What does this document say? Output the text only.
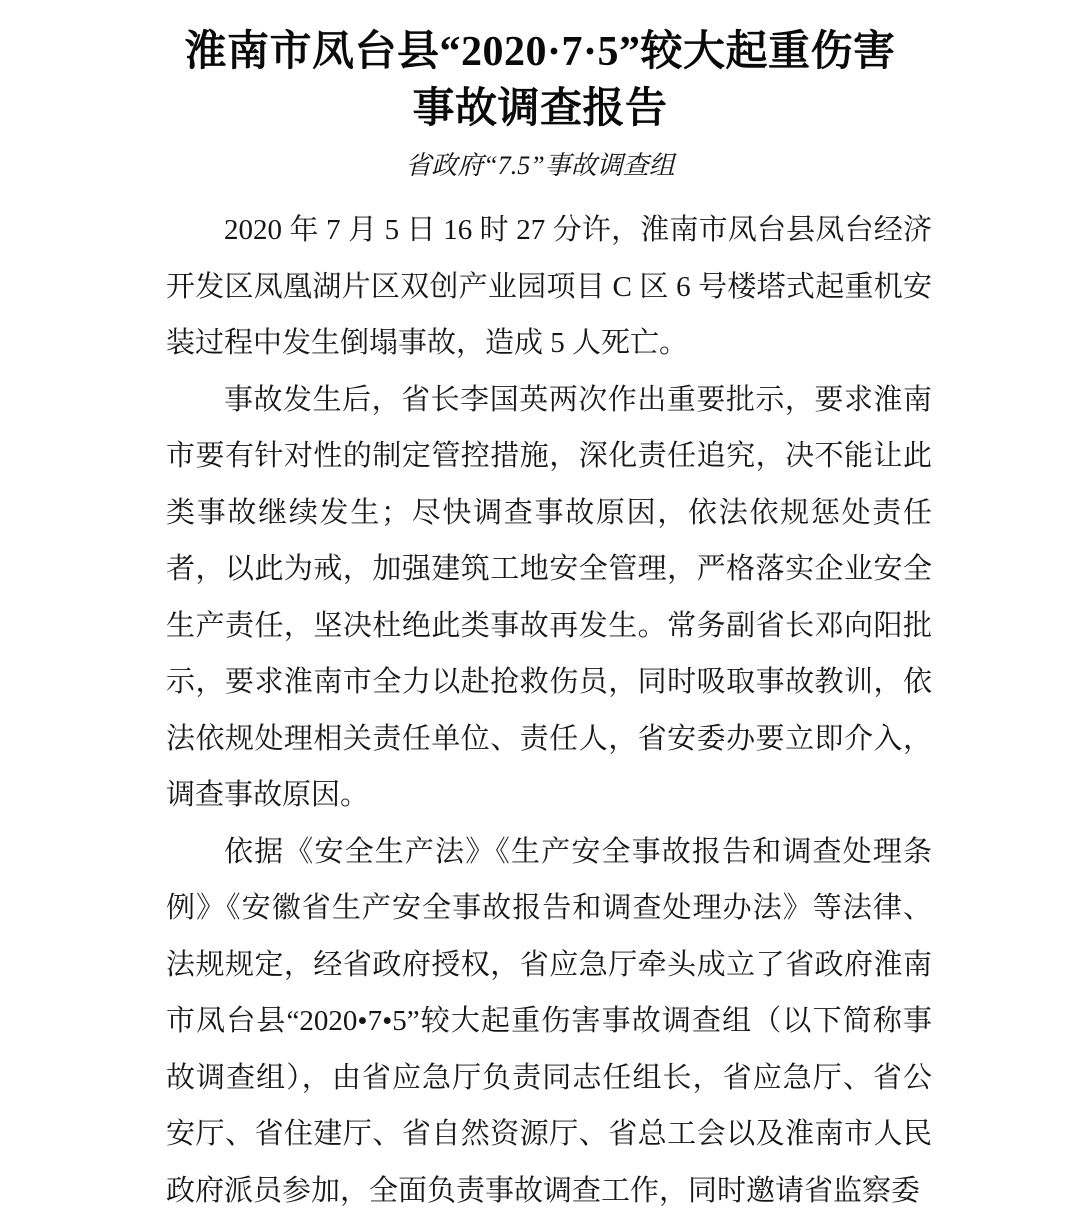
淮南市凤台县“2020·7·5”较大起重伤害
事故调查报告
省政府“7.5”事故调查组

2020 年 7 月 5 日 16 时 27 分许，淮南市凤台县凤台经济开发区凤凰湖片区双创产业园项目 C 区 6 号楼塔式起重机安装过程中发生倒塌事故，造成 5 人死亡。

事故发生后，省长李国英两次作出重要批示，要求淮南市要有针对性的制定管控措施，深化责任追究，决不能让此类事故继续发生；尽快调查事故原因，依法依规惩处责任者，以此为戒，加强建筑工地安全管理，严格落实企业安全生产责任，坚决杜绝此类事故再发生。常务副省长邓向阳批示，要求淮南市全力以赴抢救伤员，同时吸取事故教训，依法依规处理相关责任单位、责任人，省安委办要立即介入，调查事故原因。

依据《安全生产法》《生产安全事故报告和调查处理条例》《安徽省生产安全事故报告和调查处理办法》等法律、法规规定，经省政府授权，省应急厅牵头成立了省政府淮南市凤台县“2020•7•5”较大起重伤害事故调查组（以下简称事故调查组），由省应急厅负责同志任组长，省应急厅、省公安厅、省住建厅、省自然资源厅、省总工会以及淮南市人民政府派员参加，全面负责事故调查工作，同时邀请省监察委
